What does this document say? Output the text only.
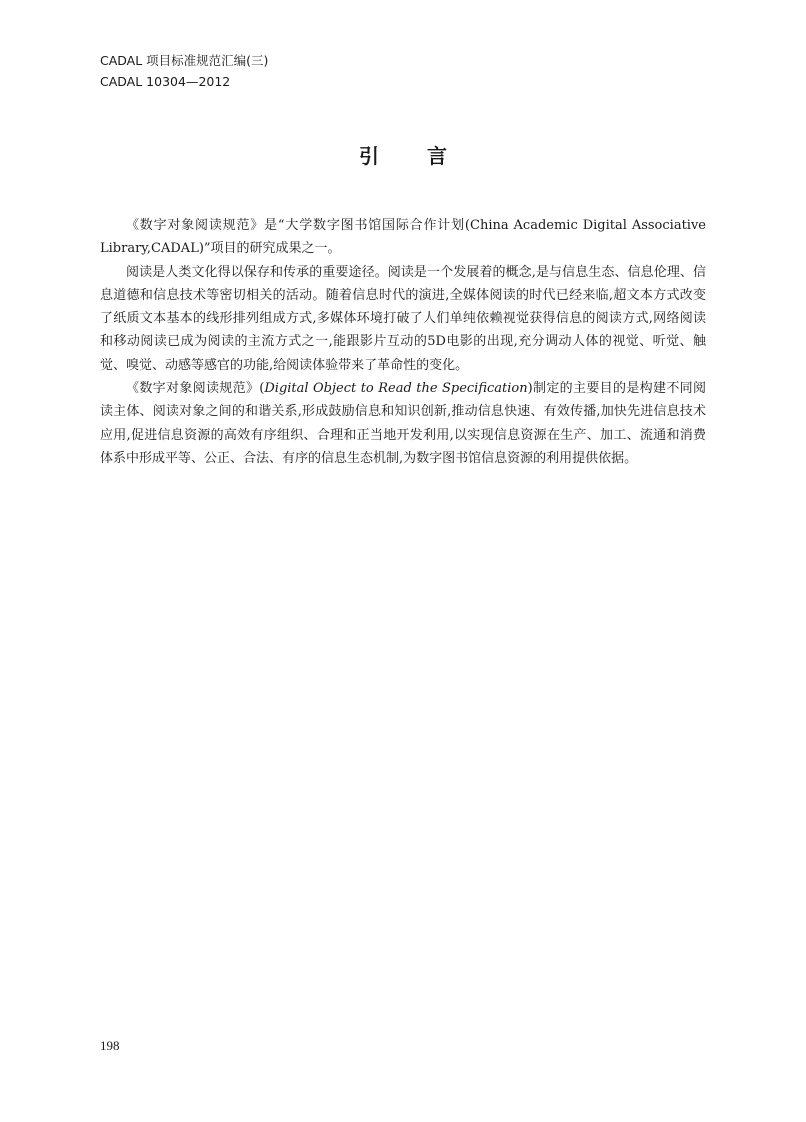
CADAL 项目标准规范汇编(三)
CADAL 10304—2012
引言

《数字对象阅读规范》是“大学数字图书馆国际合作计划(China Academic Digital Associative Library,CADAL)”项目的研究成果之一。

阅读是人类文化得以保存和传承的重要途径。阅读是一个发展着的概念,是与信息生态、信息伦理、信息道德和信息技术等密切相关的活动。随着信息时代的演进,全媒体阅读的时代已经来临,超文本方式改变了纸质文本基本的线形排列组成方式,多媒体环境打破了人们单纯依赖视觉获得信息的阅读方式,网络阅读和移动阅读已成为阅读的主流方式之一,能跟影片互动的5D电影的出现,充分调动人体的视觉、听觉、触觉、嗅觉、动感等感官的功能,给阅读体验带来了革命性的变化。

《数字对象阅读规范》(Digital Object to Read the Specification)制定的主要目的是构建不同阅读主体、阅读对象之间的和谐关系,形成鼓励信息和知识创新,推动信息快速、有效传播,加快先进信息技术应用,促进信息资源的高效有序组织、合理和正当地开发利用,以实现信息资源在生产、加工、流通和消费体系中形成平等、公正、合法、有序的信息生态机制,为数字图书馆信息资源的利用提供依据。

198
